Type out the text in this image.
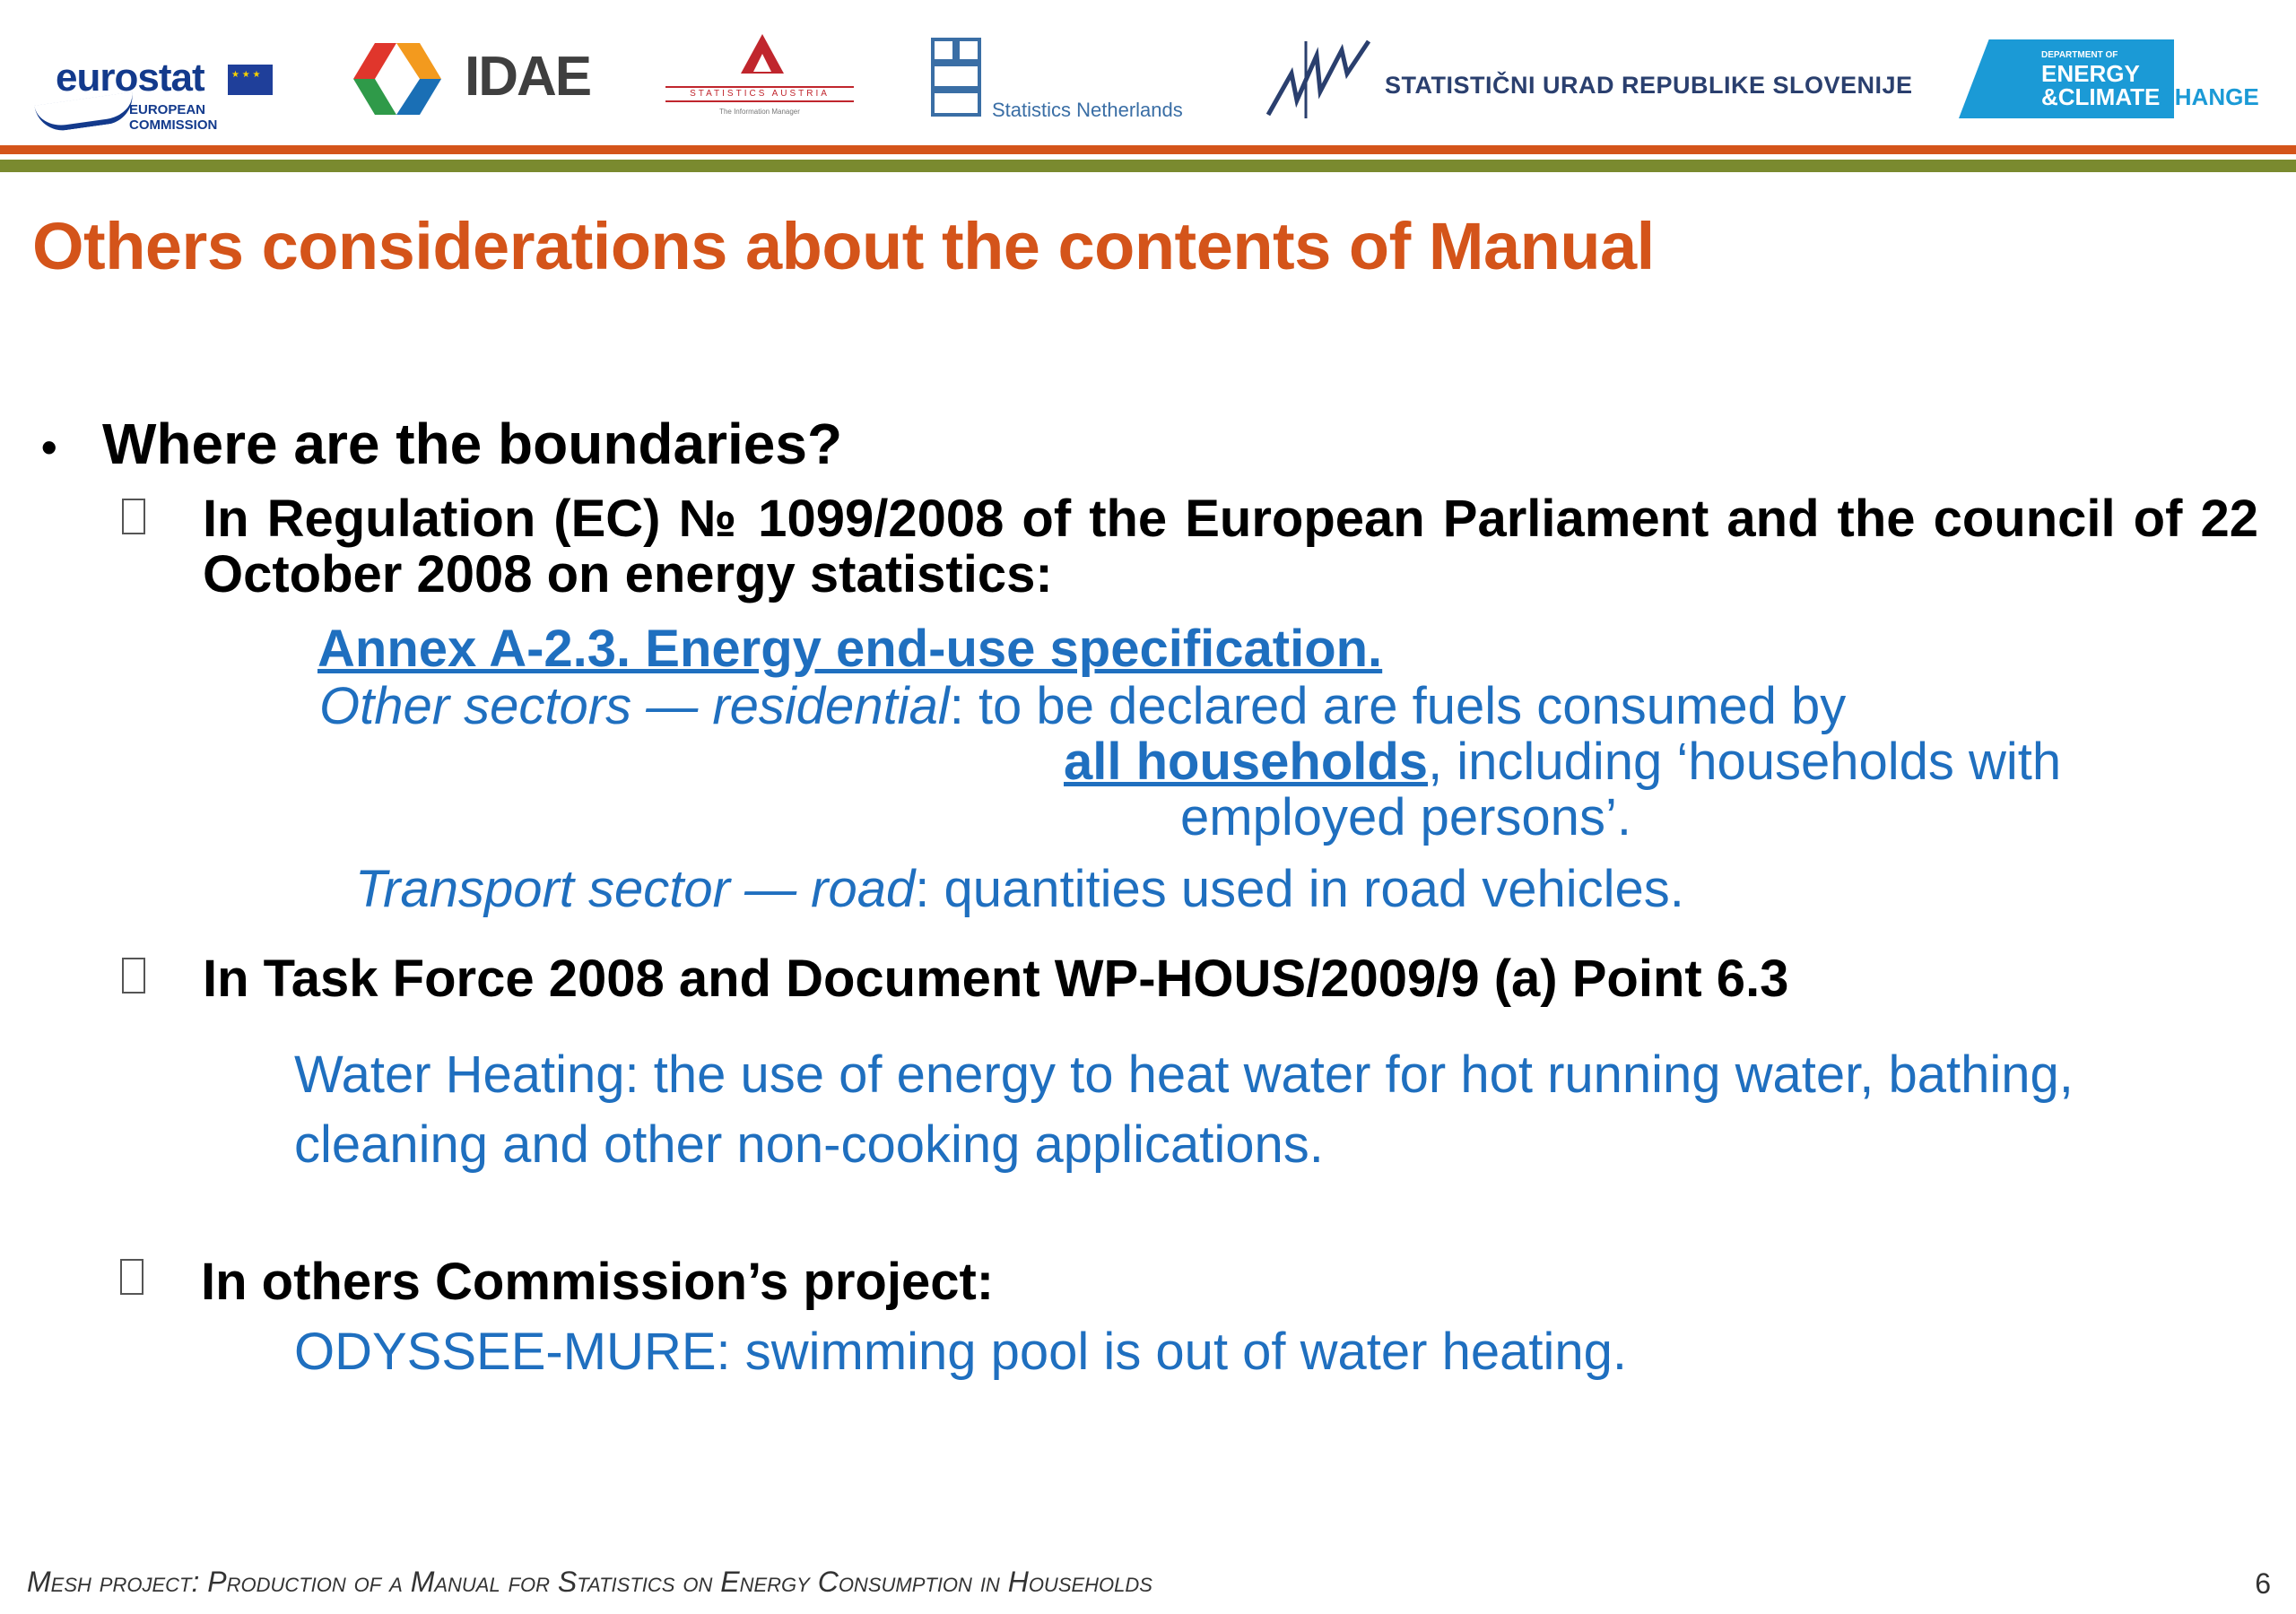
eurostat
★ ★ ★
EUROPEAN COMMISSION
IDAE	STATISTICS AUSTRIA
The Information Manager	Statistics Netherlands
STATISTIČNI URAD REPUBLIKE SLOVENIJE
DEPARTMENT OF
ENERGY
&CLIMATE
CHANGE
Others considerations about the contents of Manual
• Where are the boundaries?
In Regulation (EC) № 1099/2008 of the European Parliament and the council of 22 October 2008 on energy statistics:
Annex A-2.3. Energy end-use specification.
Other sectors — residential: to be declared are fuels consumed by
all households, including ‘households with
employed persons’.
Transport sector — road: quantities used in road vehicles.
In Task Force 2008 and Document WP-HOUS/2009/9 (a) Point 6.3
Water Heating: the use of energy to heat water for hot running water, bathing, cleaning and other non-cooking applications.
In others Commission’s project:
ODYSSEE-MURE: swimming pool is out of water heating.
Mesh project: Production of a Manual for Statistics on Energy Consumption in Households	6
